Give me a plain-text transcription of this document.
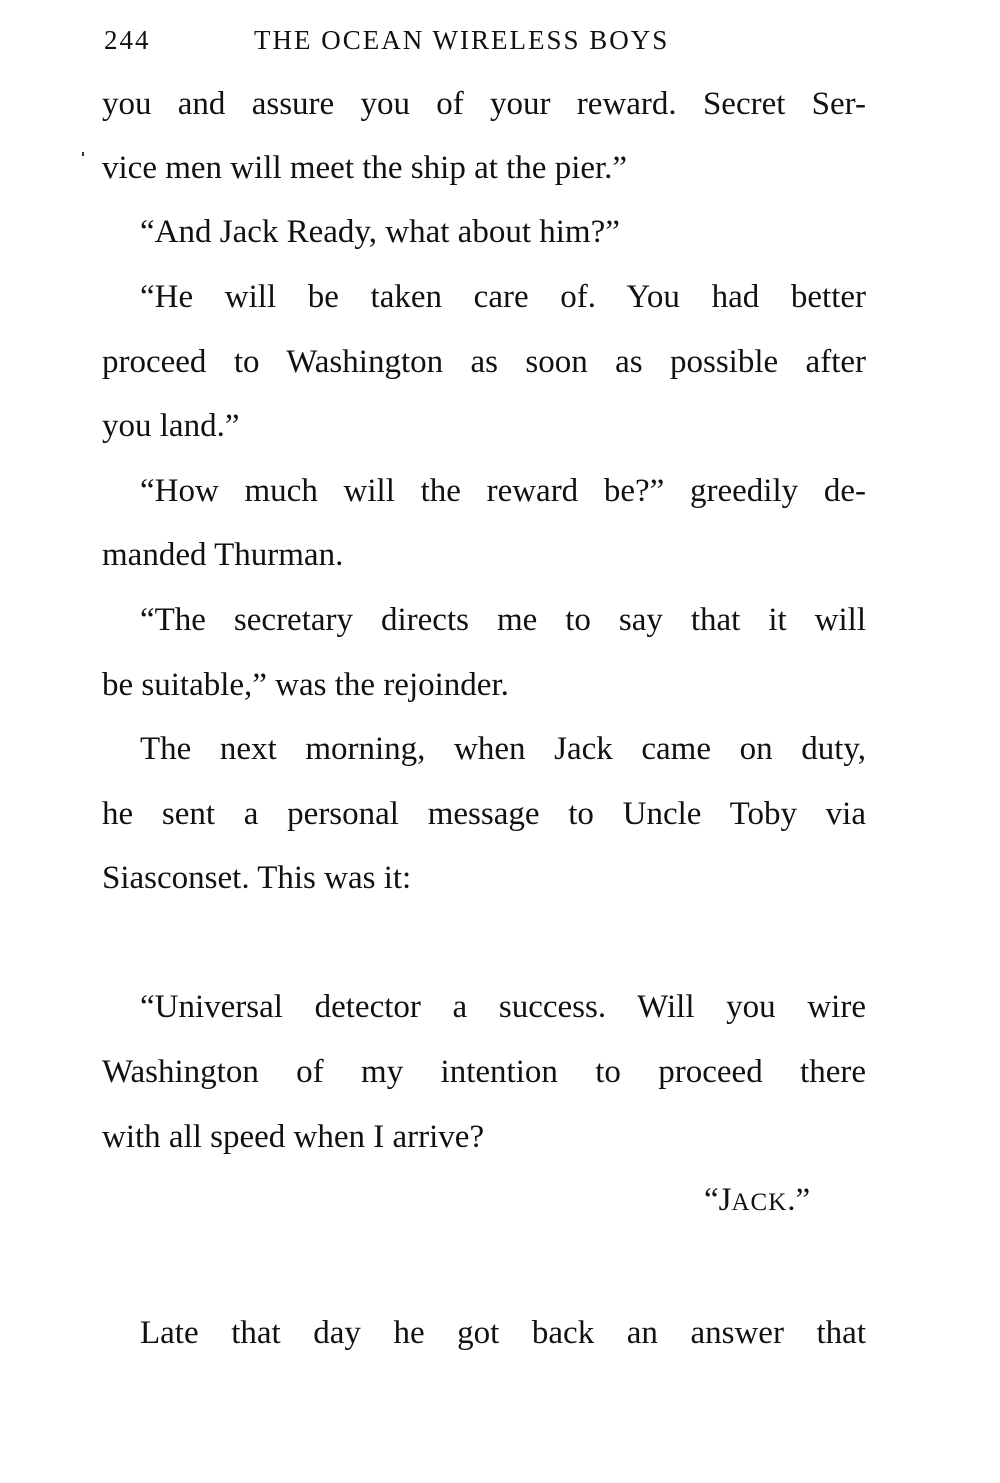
244	THE OCEAN WIRELESS BOYS
you and assure you of your reward. Secret Ser-
vice men will meet the ship at the pier.”
“And Jack Ready, what about him?”
“He will be taken care of. You had better
proceed to Washington as soon as possible after
you land.”
“How much will the reward be?” greedily de-
manded Thurman.
“The secretary directs me to say that it will
be suitable,” was the rejoinder.
The next morning, when Jack came on duty,
he sent a personal message to Uncle Toby via
Siasconset. This was it:
“Universal detector a success. Will you wire
Washington of my intention to proceed there
with all speed when I arrive?
“JACK.”
Late that day he got back an answer that
